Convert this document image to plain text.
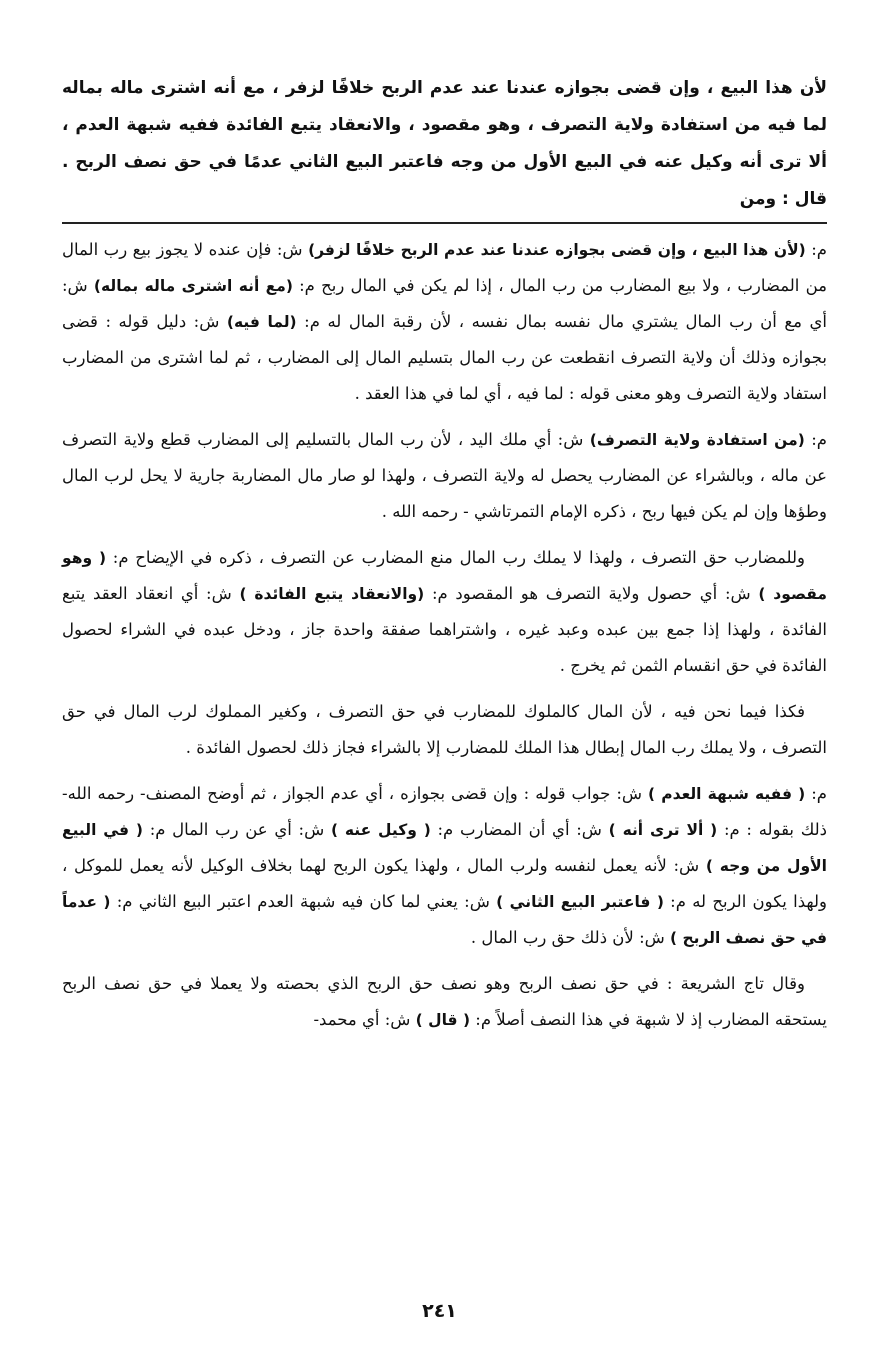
لأن هذا البيع ، وإن قضى بجوازه عندنا عند عدم الربح خلافًا لزفر ، مع أنه اشترى ماله بماله لما فيه من استفادة ولاية التصرف ، وهو مقصود ، والانعقاد يتبع الفائدة ففيه شبهة العدم ، ألا ترى أنه وكيل عنه في البيع الأول من وجه فاعتبر البيع الثاني عدمًا في حق نصف الربح . قال : ومن

م: (لأن هذا البيع ، وإن قضى بجوازه عندنا عند عدم الربح خلافًا لزفر) ش: فإن عنده لا يجوز بيع رب المال من المضارب ، ولا بيع المضارب من رب المال ، إذا لم يكن في المال ربح م: (مع أنه اشترى ماله بماله) ش: أي مع أن رب المال يشتري مال نفسه بمال نفسه ، لأن رقبة المال له م: (لما فيه) ش: دليل قوله : قضى بجوازه وذلك أن ولاية التصرف انقطعت عن رب المال بتسليم المال إلى المضارب ، ثم لما اشترى من المضارب استفاد ولاية التصرف وهو معنى قوله : لما فيه ، أي لما في هذا العقد .

م: (من استفادة ولاية التصرف) ش: أي ملك اليد ، لأن رب المال بالتسليم إلى المضارب قطع ولاية التصرف عن ماله ، وبالشراء عن المضارب يحصل له ولاية التصرف ، ولهذا لو صار مال المضاربة جارية لا يحل لرب المال وطؤها وإن لم يكن فيها ربح ، ذكره الإمام التمرتاشي - رحمه الله .

وللمضارب حق التصرف ، ولهذا لا يملك رب المال منع المضارب عن التصرف ، ذكره في الإيضاح م: ( وهو مقصود ) ش: أي حصول ولاية التصرف هو المقصود م: (والانعقاد يتبع الفائدة ) ش: أي انعقاد العقد يتبع الفائدة ، ولهذا إذا جمع بين عبده وعبد غيره ، واشتراهما صفقة واحدة جاز ، ودخل عبده في الشراء لحصول الفائدة في حق انقسام الثمن ثم يخرج .

فكذا فيما نحن فيه ، لأن المال كالملوك للمضارب في حق التصرف ، وكغير المملوك لرب المال في حق التصرف ، ولا يملك رب المال إبطال هذا الملك للمضارب إلا بالشراء فجاز ذلك لحصول الفائدة .

م: ( ففيه شبهة العدم ) ش: جواب قوله : وإن قضى بجوازه ، أي عدم الجواز ، ثم أوضح المصنف- رحمه الله- ذلك بقوله : م: ( ألا ترى أنه ) ش: أي أن المضارب م: ( وكيل عنه ) ش: أي عن رب المال م: ( في البيع الأول من وجه ) ش: لأنه يعمل لنفسه ولرب المال ، ولهذا يكون الربح لهما بخلاف الوكيل لأنه يعمل للموكل ، ولهذا يكون الربح له م: ( فاعتبر البيع الثاني ) ش: يعني لما كان فيه شبهة العدم اعتبر البيع الثاني م: ( عدماً في حق نصف الربح ) ش: لأن ذلك حق رب المال .

وقال تاج الشريعة : في حق نصف الربح وهو نصف حق الربح الذي بحصته ولا يعملا في حق نصف الربح يستحقه المضارب إذ لا شبهة في هذا النصف أصلاً م: ( قال ) ش: أي محمد-

٢٤١
